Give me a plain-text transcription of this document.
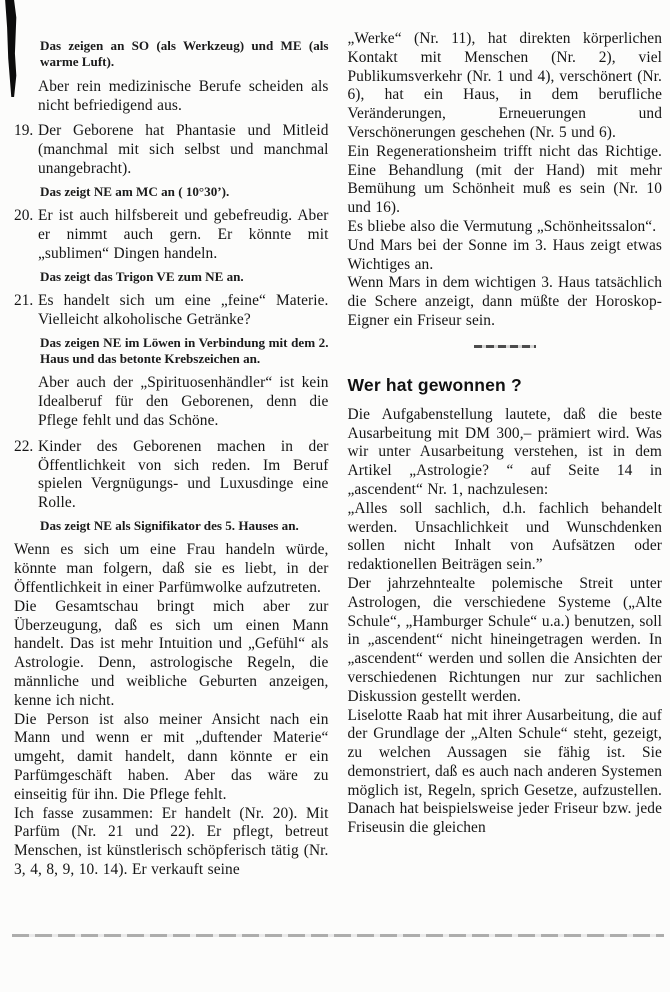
Das zeigen an SO (als Werkzeug) und ME (als warme Luft).

Aber rein medizinische Berufe scheiden als nicht befriedigend aus.

19. Der Geborene hat Phantasie und Mitleid (manchmal mit sich selbst und manchmal unangebracht).
Das zeigt NE am MC an ( 10°30’).
20. Er ist auch hilfsbereit und gebefreudig. Aber er nimmt auch gern. Er könnte mit „sublimen“ Dingen handeln.
Das zeigt das Trigon VE zum NE an.
21. Es handelt sich um eine „feine“ Materie. Vielleicht alkoholische Getränke?
Das zeigen NE im Löwen in Verbindung mit dem 2. Haus und das betonte Krebszeichen an.

Aber auch der „Spirituosenhändler“ ist kein Idealberuf für den Geborenen, denn die Pflege fehlt und das Schöne.

22. Kinder des Geborenen machen in der Öffentlichkeit von sich reden. Im Beruf spielen Vergnügungs- und Luxusdinge eine Rolle.
Das zeigt NE als Signifikator des 5. Hauses an.

Wenn es sich um eine Frau handeln würde, könnte man folgern, daß sie es liebt, in der Öffentlichkeit in einer Parfümwolke aufzutreten.

Die Gesamtschau bringt mich aber zur Überzeugung, daß es sich um einen Mann handelt. Das ist mehr Intuition und „Gefühl“ als Astrologie. Denn, astrologische Regeln, die männliche und weibliche Geburten anzeigen, kenne ich nicht.

Die Person ist also meiner Ansicht nach ein Mann und wenn er mit „duftender Materie“ umgeht, damit handelt, dann könnte er ein Parfümgeschäft haben. Aber das wäre zu einseitig für ihn. Die Pflege fehlt.

Ich fasse zusammen: Er handelt (Nr. 20). Mit Parfüm (Nr. 21 und 22). Er pflegt, betreut Menschen, ist künstlerisch schöpferisch tätig (Nr. 3, 4, 8, 9, 10. 14). Er verkauft seine

„Werke“ (Nr. 11), hat direkten körperlichen Kontakt mit Menschen (Nr. 2), viel Publikumsverkehr (Nr. 1 und 4), verschönert (Nr. 6), hat ein Haus, in dem berufliche Veränderungen, Erneuerungen und Verschönerungen geschehen (Nr. 5 und 6).

Ein Regenerationsheim trifft nicht das Richtige. Eine Behandlung (mit der Hand) mit mehr Bemühung um Schönheit muß es sein (Nr. 10 und 16).

Es bliebe also die Vermutung „Schönheitssalon“.

Und Mars bei der Sonne im 3. Haus zeigt etwas Wichtiges an.

Wenn Mars in dem wichtigen 3. Haus tatsächlich die Schere anzeigt, dann müßte der Horoskop-Eigner ein Friseur sein.

Wer hat gewonnen ?

Die Aufgabenstellung lautete, daß die beste Ausarbeitung mit DM 300,– prämiert wird. Was wir unter Ausarbeitung verstehen, ist in dem Artikel „Astrologie? “ auf Seite 14 in „ascendent“ Nr. 1, nachzulesen:

„Alles soll sachlich, d.h. fachlich behandelt werden. Unsachlichkeit und Wunschdenken sollen nicht Inhalt von Aufsätzen oder redaktionellen Beiträgen sein.”

Der jahrzehntealte polemische Streit unter Astrologen, die verschiedene Systeme („Alte Schule“, „Hamburger Schule“ u.a.) benutzen, soll in „ascendent“ nicht hineingetragen werden. In „ascendent“ werden und sollen die Ansichten der verschiedenen Richtungen nur zur sachlichen Diskussion gestellt werden.

Liselotte Raab hat mit ihrer Ausarbeitung, die auf der Grundlage der „Alten Schule“ steht, gezeigt, zu welchen Aussagen sie fähig ist. Sie demonstriert, daß es auch nach anderen Systemen möglich ist, Regeln, sprich Gesetze, aufzustellen. Danach hat beispielsweise jeder Friseur bzw. jede Friseusin die gleichen
